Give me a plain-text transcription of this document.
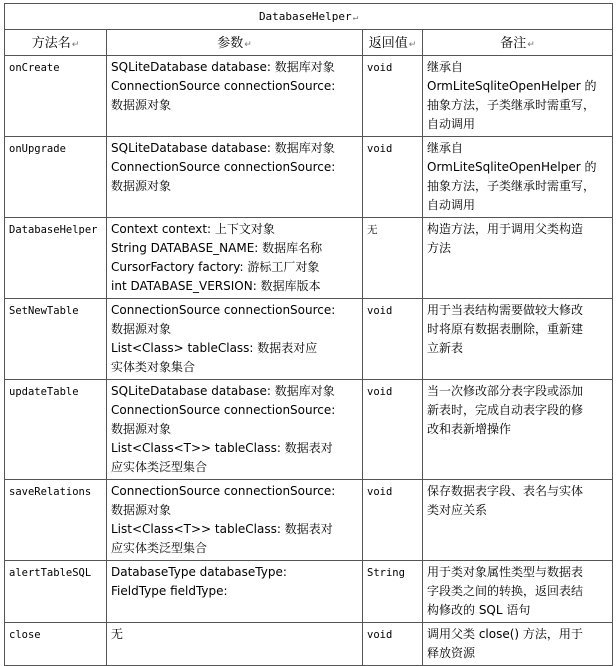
DatabaseHelper↵			
方法名↵	参数↵	返回值↵	备注↵
onCreate	SQLiteDatabase database: 数据库对象
ConnectionSource connectionSource:
数据源对象	void	继承自
OrmLiteSqliteOpenHelper 的
抽象方法，子类继承时需重写，
自动调用

onUpgrade	SQLiteDatabase database: 数据库对象
ConnectionSource connectionSource:
数据源对象	void	继承自
OrmLiteSqliteOpenHelper 的
抽象方法，子类继承时需重写，
自动调用

DatabaseHelper	Context context: 上下文对象
String DATABASE_NAME: 数据库名称
CursorFactory factory: 游标工厂对象
int DATABASE_VERSION: 数据库版本	无	构造方法，用于调用父类构造
方法

SetNewTable	ConnectionSource connectionSource:
数据源对象
List<Class> tableClass: 数据表对应
实体类对象集合	void	用于当表结构需要做较大修改
时将原有数据表删除，重新建
立新表

updateTable	SQLiteDatabase database: 数据库对象
ConnectionSource connectionSource:
数据源对象
List<Class<T>> tableClass: 数据表对
应实体类泛型集合	void	当一次修改部分表字段或添加
新表时，完成自动表字段的修
改和表新增操作

saveRelations	ConnectionSource connectionSource:
数据源对象
List<Class<T>> tableClass: 数据表对
应实体类泛型集合	void	保存数据表字段、表名与实体
类对应关系

alertTableSQL	DatabaseType databaseType:
FieldType fieldType:	String	用于类对象属性类型与数据表
字段类之间的转换，返回表结
构修改的 SQL 语句

close	无	void	调用父类 close() 方法，用于
释放资源
